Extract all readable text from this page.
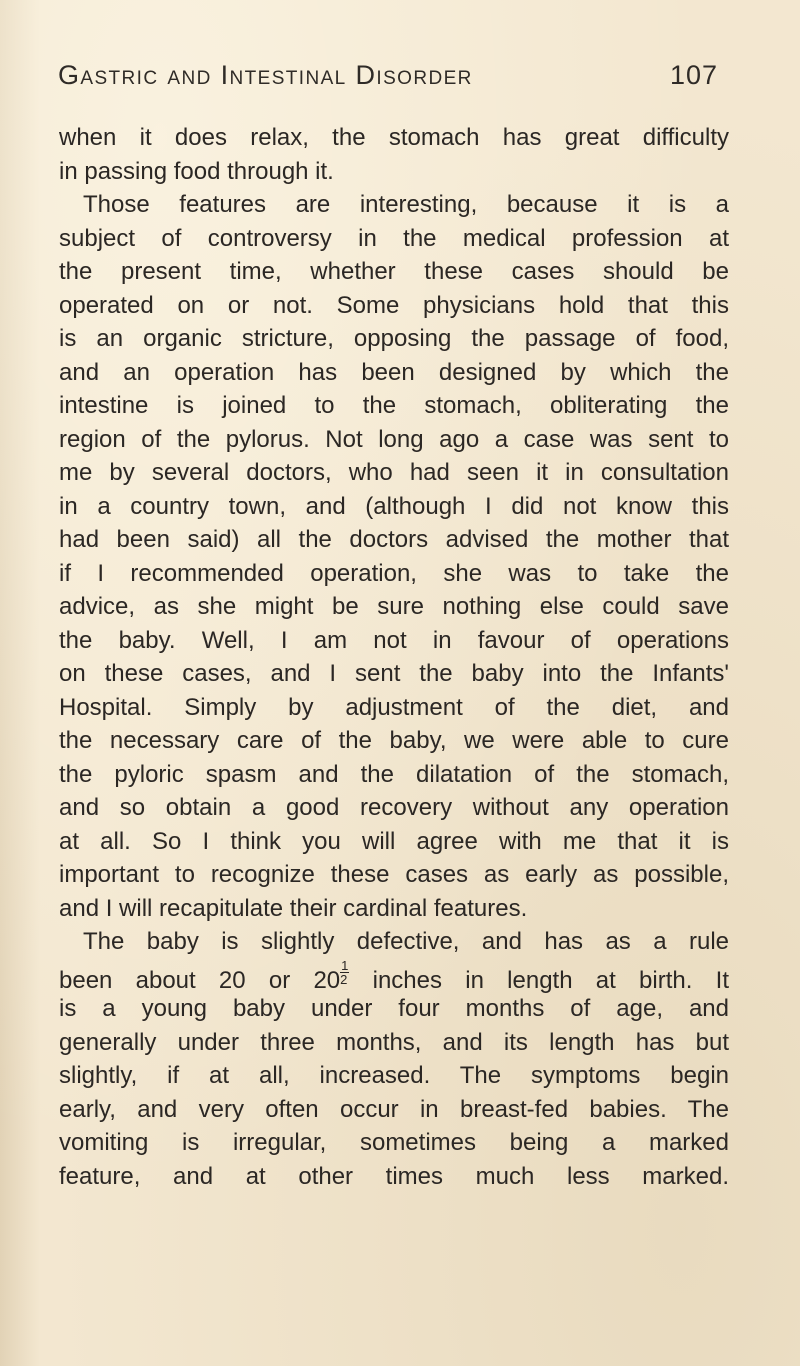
Gastric and Intestinal Disorder	107
when it does relax, the stomach has great difficulty
in passing food through it.
Those features are interesting, because it is a
subject of controversy in the medical profession at
the present time, whether these cases should be
operated on or not. Some physicians hold that this
is an organic stricture, opposing the passage of food,
and an operation has been designed by which the
intestine is joined to the stomach, obliterating the
region of the pylorus. Not long ago a case was sent to
me by several doctors, who had seen it in consultation
in a country town, and (although I did not know this
had been said) all the doctors advised the mother that
if I recommended operation, she was to take the
advice, as she might be sure nothing else could save
the baby. Well, I am not in favour of operations
on these cases, and I sent the baby into the Infants'
Hospital. Simply by adjustment of the diet, and
the necessary care of the baby, we were able to cure
the pyloric spasm and the dilatation of the stomach,
and so obtain a good recovery without any operation
at all. So I think you will agree with me that it is
important to recognize these cases as early as possible,
and I will recapitulate their cardinal features.
The baby is slightly defective, and has as a rule
been about 20 or $20 \frac{1}{2}$ inches in length at birth. It
is a young baby under four months of age, and
generally under three months, and its length has but
slightly, if at all, increased. The symptoms begin
early, and very often occur in breast-fed babies. The
vomiting is irregular, sometimes being a marked
feature, and at other times much less marked.
